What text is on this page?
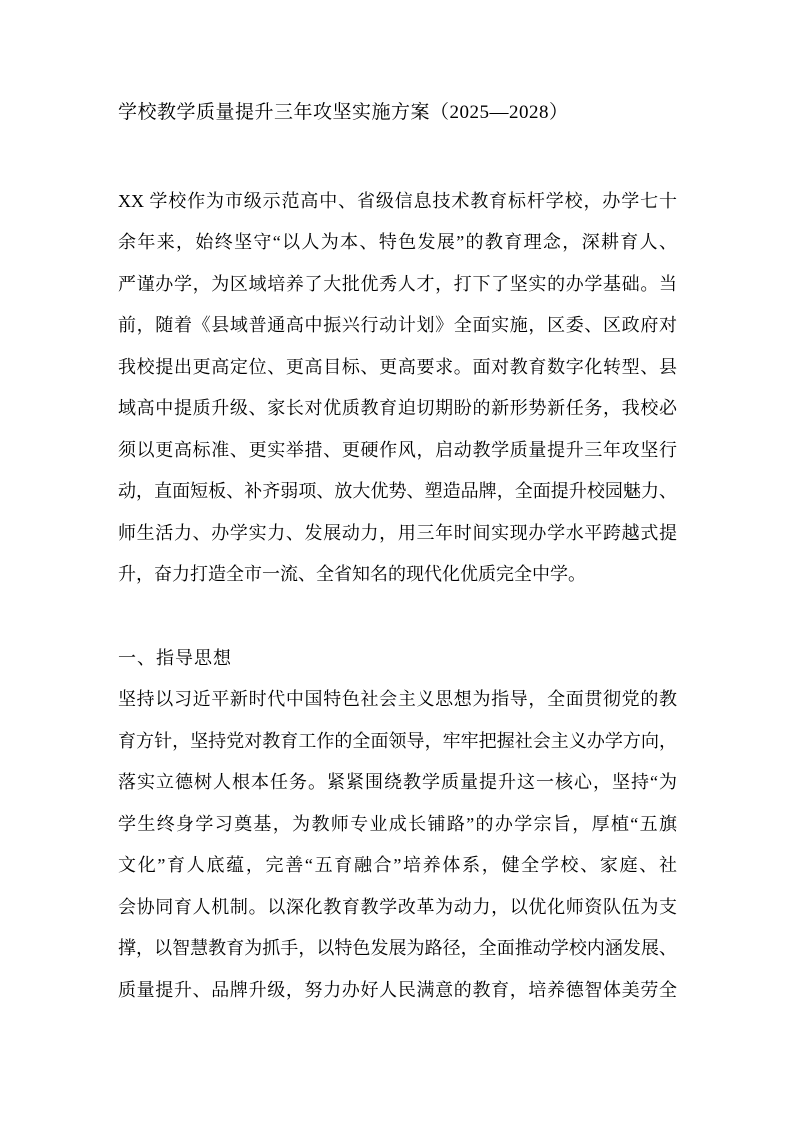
学校教学质量提升三年攻坚实施方案（2025—2028）
XX 学校作为市级示范高中、省级信息技术教育标杆学校，办学七十
余年来，始终坚守“以人为本、特色发展”的教育理念，深耕育人、
严谨办学，为区域培养了大批优秀人才，打下了坚实的办学基础。当
前，随着《县域普通高中振兴行动计划》全面实施，区委、区政府对
我校提出更高定位、更高目标、更高要求。面对教育数字化转型、县
域高中提质升级、家长对优质教育迫切期盼的新形势新任务，我校必
须以更高标准、更实举措、更硬作风，启动教学质量提升三年攻坚行
动，直面短板、补齐弱项、放大优势、塑造品牌，全面提升校园魅力、
师生活力、办学实力、发展动力，用三年时间实现办学水平跨越式提
升，奋力打造全市一流、全省知名的现代化优质完全中学。
一、指导思想
坚持以习近平新时代中国特色社会主义思想为指导，全面贯彻党的教
育方针，坚持党对教育工作的全面领导，牢牢把握社会主义办学方向，
落实立德树人根本任务。紧紧围绕教学质量提升这一核心，坚持“为
学生终身学习奠基，为教师专业成长铺路”的办学宗旨，厚植“五旗
文化”育人底蕴，完善“五育融合”培养体系，健全学校、家庭、社
会协同育人机制。以深化教育教学改革为动力，以优化师资队伍为支
撑，以智慧教育为抓手，以特色发展为路径，全面推动学校内涵发展、
质量提升、品牌升级，努力办好人民满意的教育，培养德智体美劳全
